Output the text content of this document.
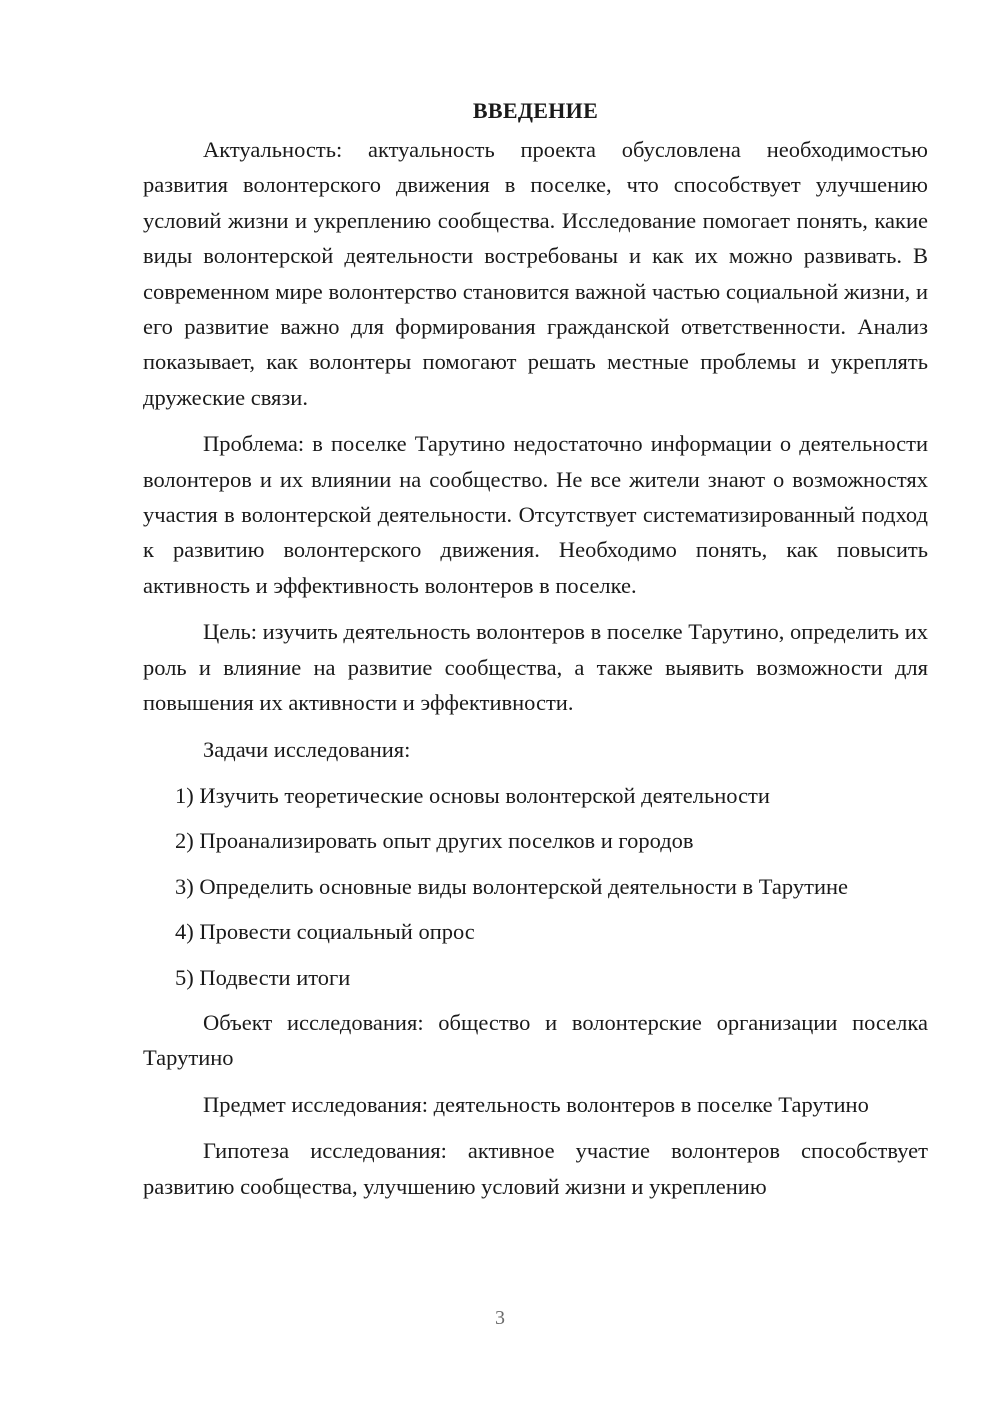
ВВЕДЕНИЕ

Актуальность: актуальность проекта обусловлена необходимостью развития волонтерского движения в поселке, что способствует улучшению условий жизни и укреплению сообщества. Исследование помогает понять, какие виды волонтерской деятельности востребованы и как их можно развивать. В современном мире волонтерство становится важной частью социальной жизни, и его развитие важно для формирования гражданской ответственности. Анализ показывает, как волонтеры помогают решать местные проблемы и укреплять дружеские связи.

Проблема: в поселке Тарутино недостаточно информации о деятельности волонтеров и их влиянии на сообщество. Не все жители знают о возможностях участия в волонтерской деятельности. Отсутствует систематизированный подход к развитию волонтерского движения. Необходимо понять, как повысить активность и эффективность волонтеров в поселке.

Цель: изучить деятельность волонтеров в поселке Тарутино, определить их роль и влияние на развитие сообщества, а также выявить возможности для повышения их активности и эффективности.

Задачи исследования:

1) Изучить теоретические основы волонтерской деятельности
2) Проанализировать опыт других поселков и городов
3) Определить основные виды волонтерской деятельности в Тарутине
4) Провести социальный опрос
5) Подвести итоги

Объект исследования: общество и волонтерские организации поселка Тарутино

Предмет исследования: деятельность волонтеров в поселке Тарутино

Гипотеза исследования: активное участие волонтеров способствует развитию сообщества, улучшению условий жизни и укреплению

3
